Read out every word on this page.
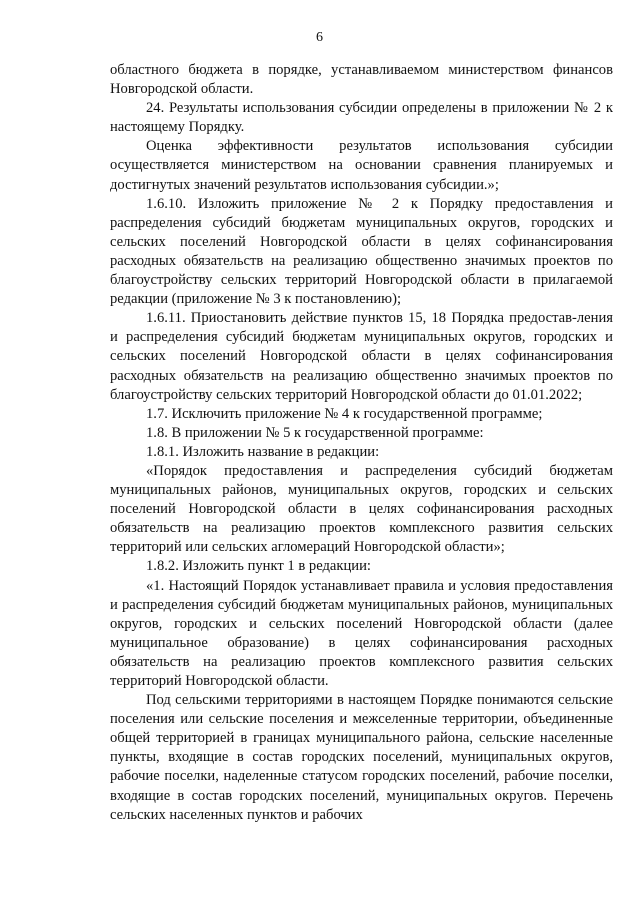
6

областного бюджета в порядке, устанавливаемом министерством финансов Новгородской области.

24. Результаты использования субсидии определены в приложении № 2 к настоящему Порядку.

Оценка эффективности результатов использования субсидии осуществляется министерством на основании сравнения планируемых и достигнутых значений результатов использования субсидии.»;

1.6.10. Изложить приложение № 2 к Порядку предоставления и распределения субсидий бюджетам муниципальных округов, городских и сельских поселений Новгородской области в целях софинансирования расходных обязательств на реализацию общественно значимых проектов по благоустройству сельских территорий Новгородской области в прилагаемой редакции (приложение № 3 к постановлению);

1.6.11. Приостановить действие пунктов 15, 18 Порядка предостав-ления и распределения субсидий бюджетам муниципальных округов, городских и сельских поселений Новгородской области в целях софинансирования расходных обязательств на реализацию общественно значимых проектов по благоустройству сельских территорий Новгородской области до 01.01.2022;

1.7. Исключить приложение № 4 к государственной программе;

1.8. В приложении № 5 к государственной программе:

1.8.1. Изложить название в редакции:

«Порядок предоставления и распределения субсидий бюджетам муниципальных районов, муниципальных округов, городских и сельских поселений Новгородской области в целях софинансирования расходных обязательств на реализацию проектов комплексного развития сельских территорий или сельских агломераций Новгородской области»;

1.8.2. Изложить пункт 1 в редакции:

«1. Настоящий Порядок устанавливает правила и условия предоставления и распределения субсидий бюджетам муниципальных районов, муниципальных округов, городских и сельских поселений Новгородской области (далее муниципальное образование) в целях софинансирования расходных обязательств на реализацию проектов комплексного развития сельских территорий Новгородской области.

Под сельскими территориями в настоящем Порядке понимаются сельские поселения или сельские поселения и межселенные территории, объединенные общей территорией в границах муниципального района, сельские населенные пункты, входящие в состав городских поселений, муниципальных округов, рабочие поселки, наделенные статусом городских поселений, рабочие поселки, входящие в состав городских поселений, муниципальных округов. Перечень сельских населенных пунктов и рабочих
